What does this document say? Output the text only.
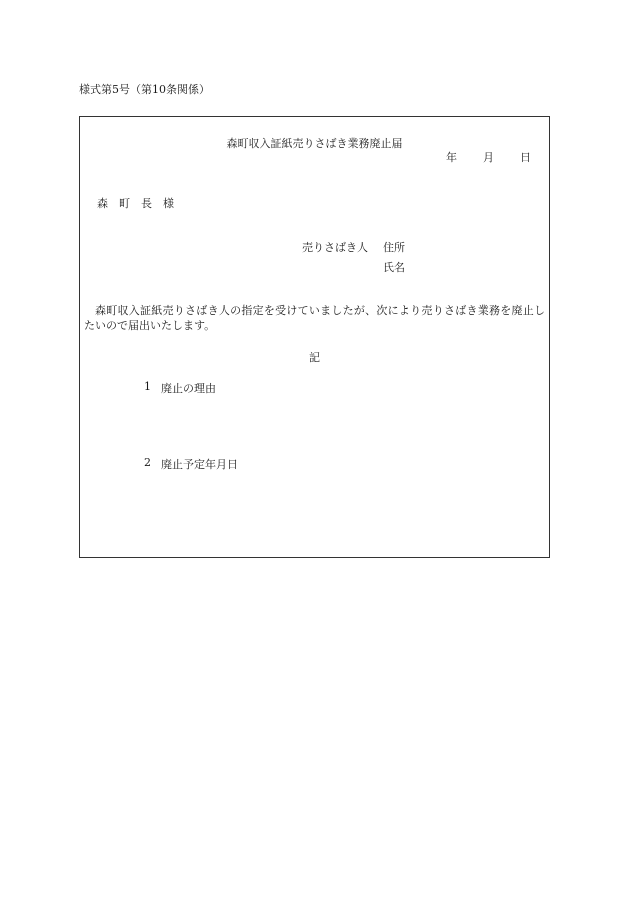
様式第5号（第10条関係）
森町収入証紙売りさばき業務廃止届
年 月 日
森町長様
売りさばき人 住所
氏名
森町収入証紙売りさばき人の指定を受けていましたが、次により売りさばき業務を廃止したいので届出いたします。
記
1 廃止の理由
2 廃止予定年月日
